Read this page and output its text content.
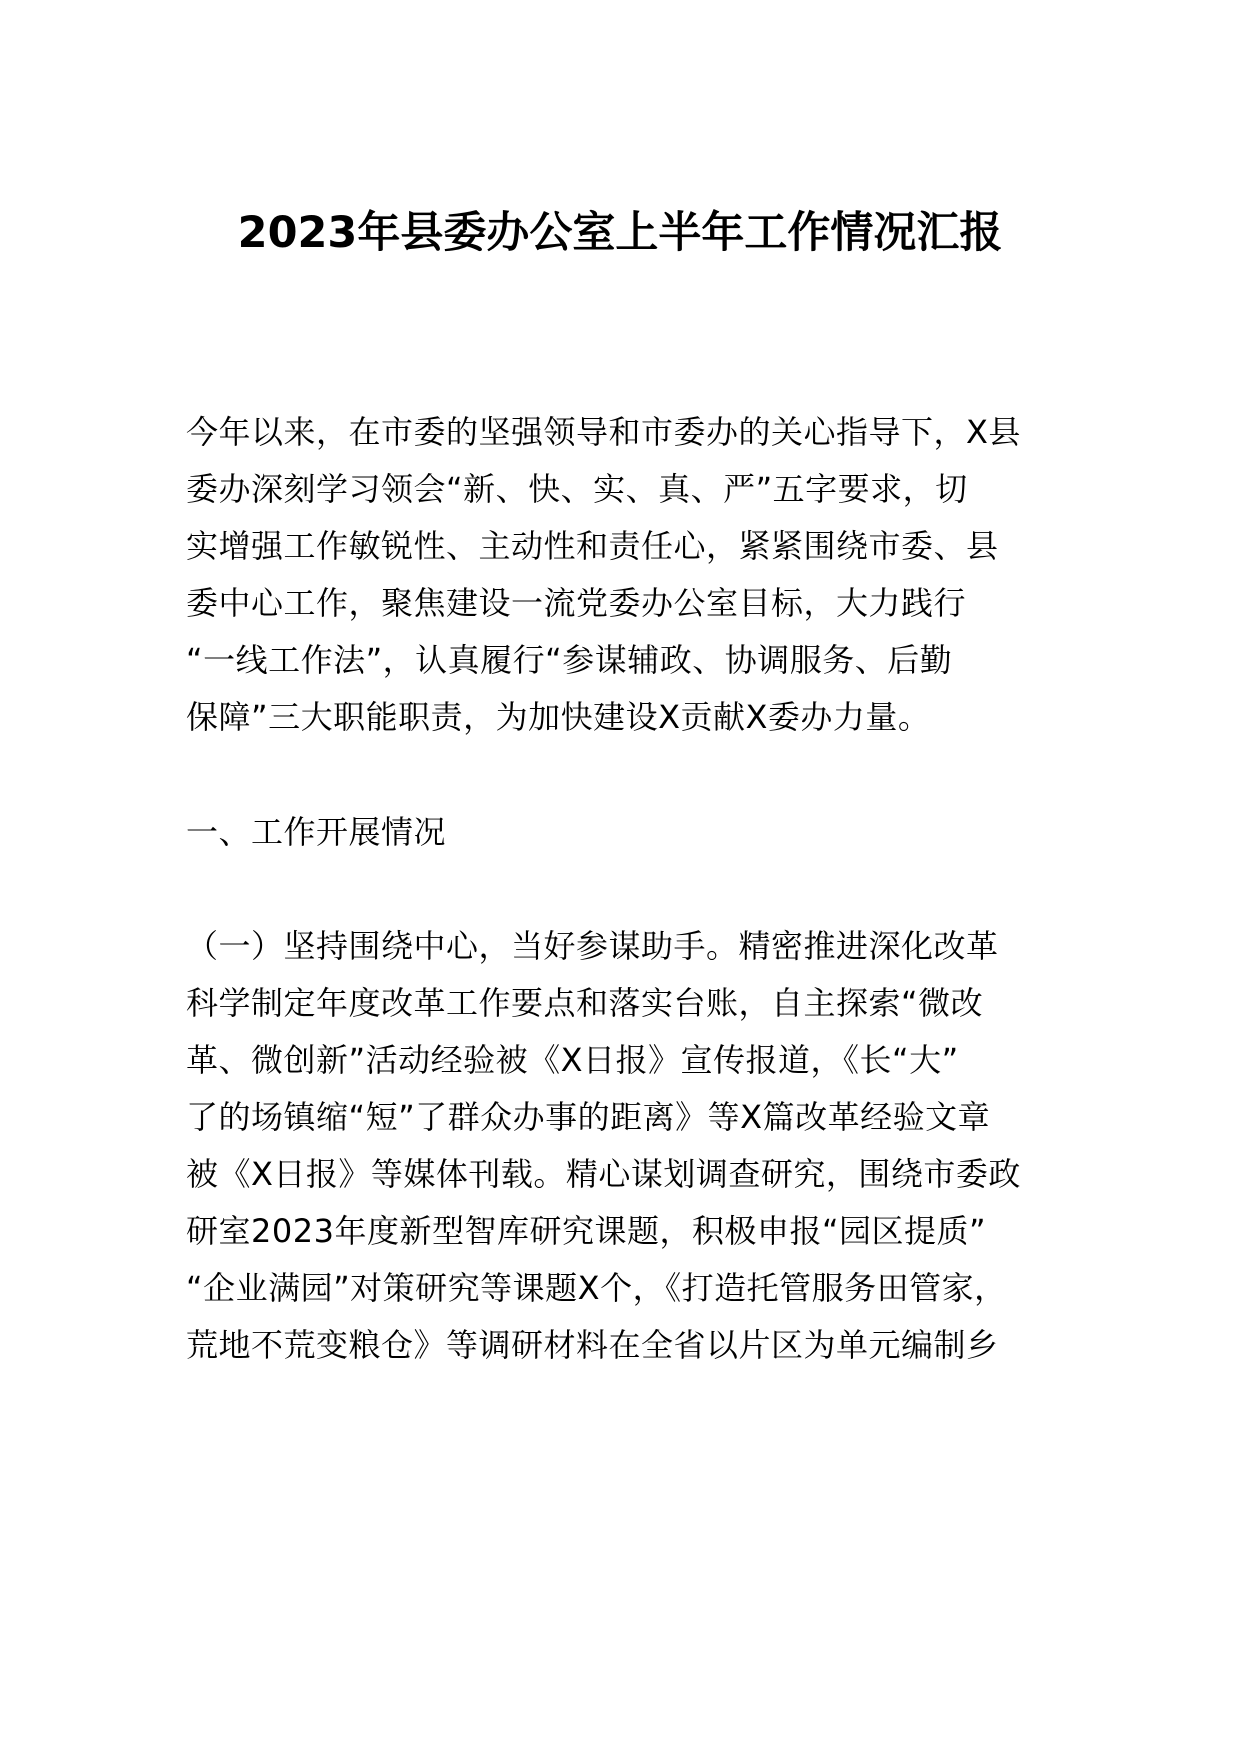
2023年县委办公室上半年工作情况汇报
今年以来，在市委的坚强领导和市委办的关心指导下，X县
委办深刻学习领会“新、快、实、真、严”五字要求，切
实增强工作敏锐性、主动性和责任心，紧紧围绕市委、县
委中心工作，聚焦建设一流党委办公室目标，大力践行
“一线工作法”，认真履行“参谋辅政、协调服务、后勤
保障”三大职能职责，为加快建设X贡献X委办力量。
一、工作开展情况
（一）坚持围绕中心，当好参谋助手。精密推进深化改革
科学制定年度改革工作要点和落实台账，自主探索“微改
革、微创新”活动经验被《X日报》宣传报道，《长“大”
了的场镇缩“短”了群众办事的距离》等X篇改革经验文章
被《X日报》等媒体刊载。精心谋划调查研究，围绕市委政
研室2023年度新型智库研究课题，积极申报“园区提质”
“企业满园”对策研究等课题X个，《打造托管服务田管家，
荒地不荒变粮仓》等调研材料在全省以片区为单元编制乡
